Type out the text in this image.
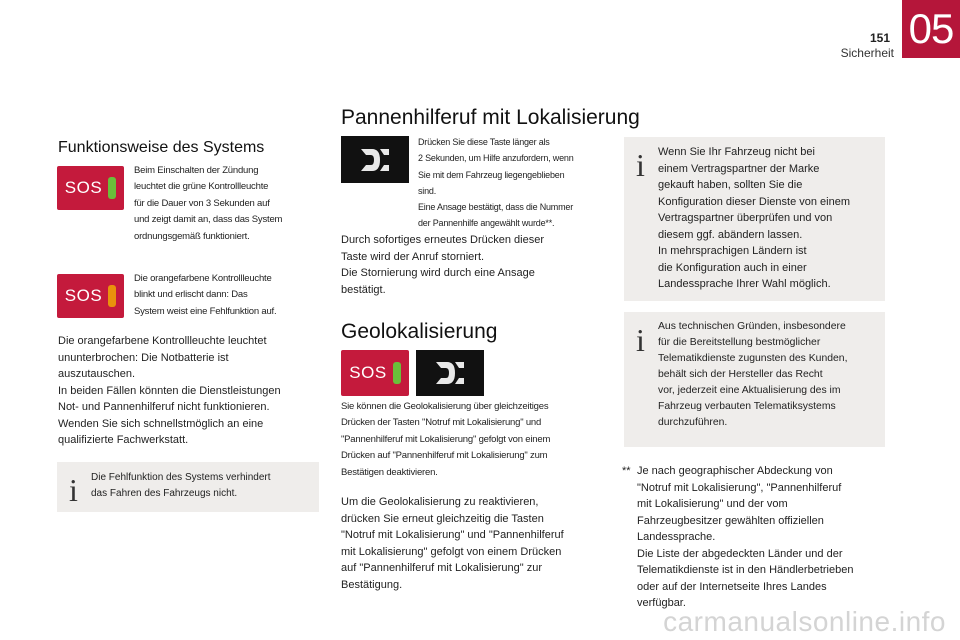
151
Sicherheit
05
Pannenhilferuf mit Lokalisierung
Funktionsweise des Systems
SOS

Beim Einschalten der Zündung
leuchtet die grüne Kontrollleuchte
für die Dauer von 3 Sekunden auf
und zeigt damit an, dass das System
ordnungsgemäß funktioniert.

SOS

Die orangefarbene Kontrollleuchte
blinkt und erlischt dann: Das
System weist eine Fehlfunktion auf.

Die orangefarbene Kontrollleuchte leuchtet
ununterbrochen: Die Notbatterie ist
auszutauschen.
In beiden Fällen könnten die Dienstleistungen
Not- und Pannenhilferuf nicht funktionieren.
Wenden Sie sich schnellstmöglich an eine
qualifizierte Fachwerkstatt.

i Die Fehlfunktion des Systems verhindert
das Fahren des Fahrzeugs nicht.

Drücken Sie diese Taste länger als
2 Sekunden, um Hilfe anzufordern, wenn
Sie mit dem Fahrzeug liegengeblieben
sind.
Eine Ansage bestätigt, dass die Nummer
der Pannenhilfe angewählt wurde**.

Durch sofortiges erneutes Drücken dieser
Taste wird der Anruf storniert.
Die Stornierung wird durch eine Ansage
bestätigt.

Geolokalisierung
SOS

Sie können die Geolokalisierung über gleichzeitiges
Drücken der Tasten "Notruf mit Lokalisierung" und
"Pannenhilferuf mit Lokalisierung" gefolgt von einem
Drücken auf "Pannenhilferuf mit Lokalisierung" zum
Bestätigen deaktivieren.

Um die Geolokalisierung zu reaktivieren,
drücken Sie erneut gleichzeitig die Tasten
"Notruf mit Lokalisierung" und "Pannenhilferuf
mit Lokalisierung" gefolgt von einem Drücken
auf "Pannenhilferuf mit Lokalisierung" zur
Bestätigung.

i Wenn Sie Ihr Fahrzeug nicht bei
einem Vertragspartner der Marke
gekauft haben, sollten Sie die
Konfiguration dieser Dienste von einem
Vertragspartner überprüfen und von
diesem ggf. abändern lassen.
In mehrsprachigen Ländern ist
die Konfiguration auch in einer
Landessprache Ihrer Wahl möglich.

i Aus technischen Gründen, insbesondere
für die Bereitstellung bestmöglicher
Telematikdienste zugunsten des Kunden,
behält sich der Hersteller das Recht
vor, jederzeit eine Aktualisierung des im
Fahrzeug verbauten Telematiksystems
durchzuführen.

** Je nach geographischer Abdeckung von
"Notruf mit Lokalisierung", "Pannenhilferuf
mit Lokalisierung" und der vom
Fahrzeugbesitzer gewählten offiziellen
Landessprache.
Die Liste der abgedeckten Länder und der
Telematikdienste ist in den Händlerbetrieben
oder auf der Internetseite Ihres Landes
verfügbar.

carmanualsonline.info
